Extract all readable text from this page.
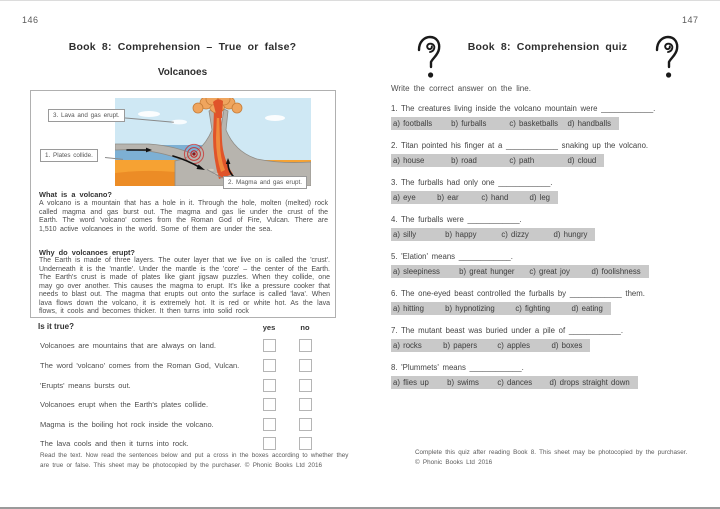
146
Book 8: Comprehension – True or false?
Volcanoes
3. Lava and gas erupt.
1. Plates collide.
2. Magma and gas erupt.
What is a volcano?
A volcano is a mountain that has a hole in it. Through the hole, molten (melted) rock called magma and gas burst out. The magma and gas lie under the crust of the Earth. The word 'volcano' comes from the Roman God of Fire, Vulcan. There are 1,510 active volcanoes in the world. Some of them are under the sea.
Why do volcanoes erupt?
The Earth is made of three layers. The outer layer that we live on is called the 'crust'. Underneath it is the 'mantle'. Under the mantle is the 'core' – the center of the Earth. The Earth's crust is made of plates like giant jigsaw puzzles. When they collide, one may go over another. This causes the magma to erupt. It's like a pressure cooker that needs to blast out. The magma that erupts out onto the surface is called 'lava'. When lava flows down the volcano, it is extremely hot. It is red or white hot. As the lava flows, it cools and becomes thicker. It then turns into solid rock
Is it true?	yes	no
Volcanoes are mountains that are always on land.
The word 'volcano' comes from the Roman God, Vulcan.
'Erupts' means bursts out.
Volcanoes erupt when the Earth's plates collide.
Magma is the boiling hot rock inside the volcano.
The lava cools and then it turns into rock.
Read the text. Now read the sentences below and put a cross in the boxes according to whether they are true or false. This sheet may be photocopied by the purchaser. © Phonic Books Ltd 2016
147
Book 8: Comprehension quiz
Write the correct answer on the line.
1. The creatures living inside the volcano mountain were ____________.
a) footballs b) furballs	c) basketballs d) handballs
2. Titan pointed his finger at a ____________ snaking up the volcano.
a) house	b) road	c) path	d) cloud
3. The furballs had only one ____________.
a) eye	b) ear	c) hand	d) leg
4. The furballs were ____________.
a) silly	b) happy	c) dizzy	d) hungry
5. 'Elation' means ____________.
a) sleepiness b) great hunger c) great joy	d) foolishness
6. The one-eyed beast controlled the furballs by ____________ them.
a) hitting	b) hypnotizing	c) fighting	d) eating
7. The mutant beast was buried under a pile of ____________.
a) rocks	b) papers	c) apples	d) boxes
8. 'Plummets' means ____________.
a) flies up b) swims c) dances d) drops straight down
Complete this quiz after reading Book 8. This sheet may be photocopied by the purchaser.
© Phonic Books Ltd 2016
